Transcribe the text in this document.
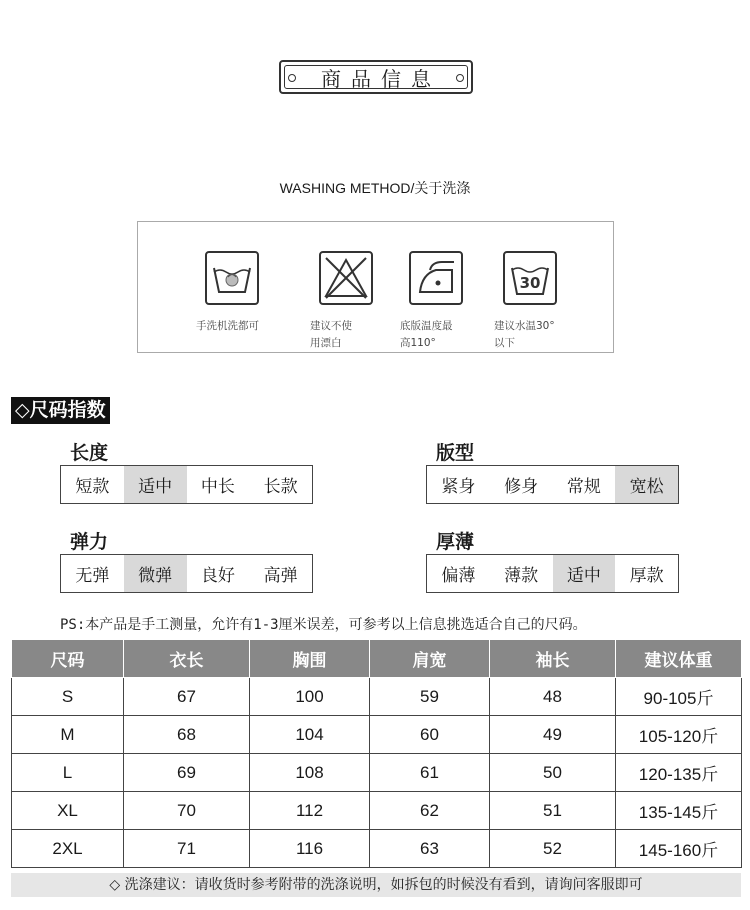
商品信息
WASHING METHOD/关于洗涤
手洗机洗都可	建议不使
用漂白
底版温度最
高110°
30
建议水温30°
以下
◇尺码指数
长度
短款	适中	中长	长款
版型
紧身	修身	常规	宽松
弹力
无弹	微弹	良好	高弹
厚薄
偏薄	薄款	适中	厚款
PS:本产品是手工测量，允许有1-3厘米误差，可参考以上信息挑选适合自己的尺码。
尺码	衣长	胸围	肩宽	袖长	建议体重
S	67	100	59	48	90-105斤
M	68	104	60	49	105-120斤
L	69	108	61	50	120-135斤
XL	70	112	62	51	135-145斤
2XL	71	116	63	52	145-160斤
◇ 洗涤建议：请收货时参考附带的洗涤说明，如拆包的时候没有看到，请询问客服即可
